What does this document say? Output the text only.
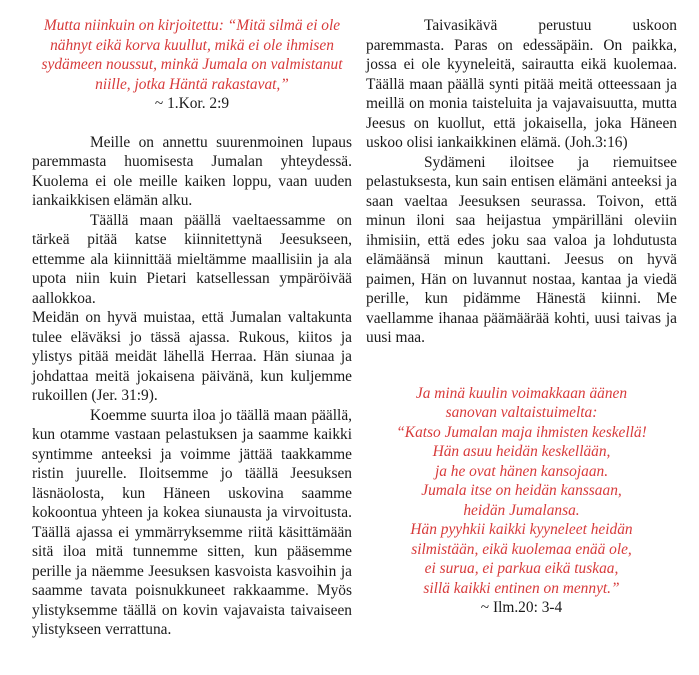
Mutta niinkuin on kirjoitettu: “Mitä silmä ei ole nähnyt eikä korva kuullut, mikä ei ole ihmisen sydämeen noussut, minkä Jumala on valmistanut niille, jotka Häntä rakastavat,”
~ 1.Kor. 2:9

Meille on annettu suurenmoinen lupaus paremmasta huomisesta Jumalan yhteydessä. Kuolema ei ole meille kaiken loppu, vaan uuden iankaikkisen elämän alku.

Täällä maan päällä vaeltaessamme on tärkeä pitää katse kiinnitettynä Jeesukseen, ettemme ala kiinnittää mieltämme maallisiin ja ala upota niin kuin Pietari katsellessan ympäröivää aallokkoa.

Meidän on hyvä muistaa, että Jumalan valtakunta tulee eläväksi jo tässä ajassa. Rukous, kiitos ja ylistys pitää meidät lähellä Herraa. Hän siunaa ja johdattaa meitä jokaisena päivänä, kun kuljemme rukoillen (Jer. 31:9).

Koemme suurta iloa jo täällä maan päällä, kun otamme vastaan pelastuksen ja saamme kaikki syntimme anteeksi ja voimme jättää taakkamme ristin juurelle. Iloitsemme jo täällä Jeesuksen läsnäolosta, kun Häneen uskovina saamme kokoontua yhteen ja kokea siunausta ja virvoitusta. Täällä ajassa ei ymmärryksemme riitä käsittämään sitä iloa mitä tunnemme sitten, kun pääsemme perille ja näemme Jeesuksen kasvoista kasvoihin ja saamme tavata poisnukkuneet rakkaamme. Myös ylistyksemme täällä on kovin vajavaista taivaiseen ylistykseen verrattuna.

Taivasikävä perustuu uskoon paremmasta. Paras on edessäpäin. On paikka, jossa ei ole kyyneleitä, sairautta eikä kuolemaa. Täällä maan päällä synti pitää meitä otteessaan ja meillä on monia taisteluita ja vajavaisuutta, mutta Jeesus on kuollut, että jokaisella, joka Häneen uskoo olisi iankaikkinen elämä. (Joh.3:16)

Sydämeni iloitsee ja riemuitsee pelastuksesta, kun sain entisen elämäni anteeksi ja saan vaeltaa Jeesuksen seurassa. Toivon, että minun iloni saa heijastua ympärilläni oleviin ihmisiin, että edes joku saa valoa ja lohdutusta elämäänsä minun kauttani. Jeesus on hyvä paimen, Hän on luvannut nostaa, kantaa ja viedä perille, kun pidämme Hänestä kiinni. Me vaellamme ihanaa päämäärää kohti, uusi taivas ja uusi maa.

Ja minä kuulin voimakkaan äänen
sanovan valtaistuimelta:
“Katso Jumalan maja ihmisten keskellä!
Hän asuu heidän keskellään,
ja he ovat hänen kansojaan.
Jumala itse on heidän kanssaan,
heidän Jumalansa.
Hän pyyhkii kaikki kyyneleet heidän
silmistään, eikä kuolemaa enää ole,
ei surua, ei parkua eikä tuskaa,
sillä kaikki entinen on mennyt.”
~ Ilm.20: 3-4
